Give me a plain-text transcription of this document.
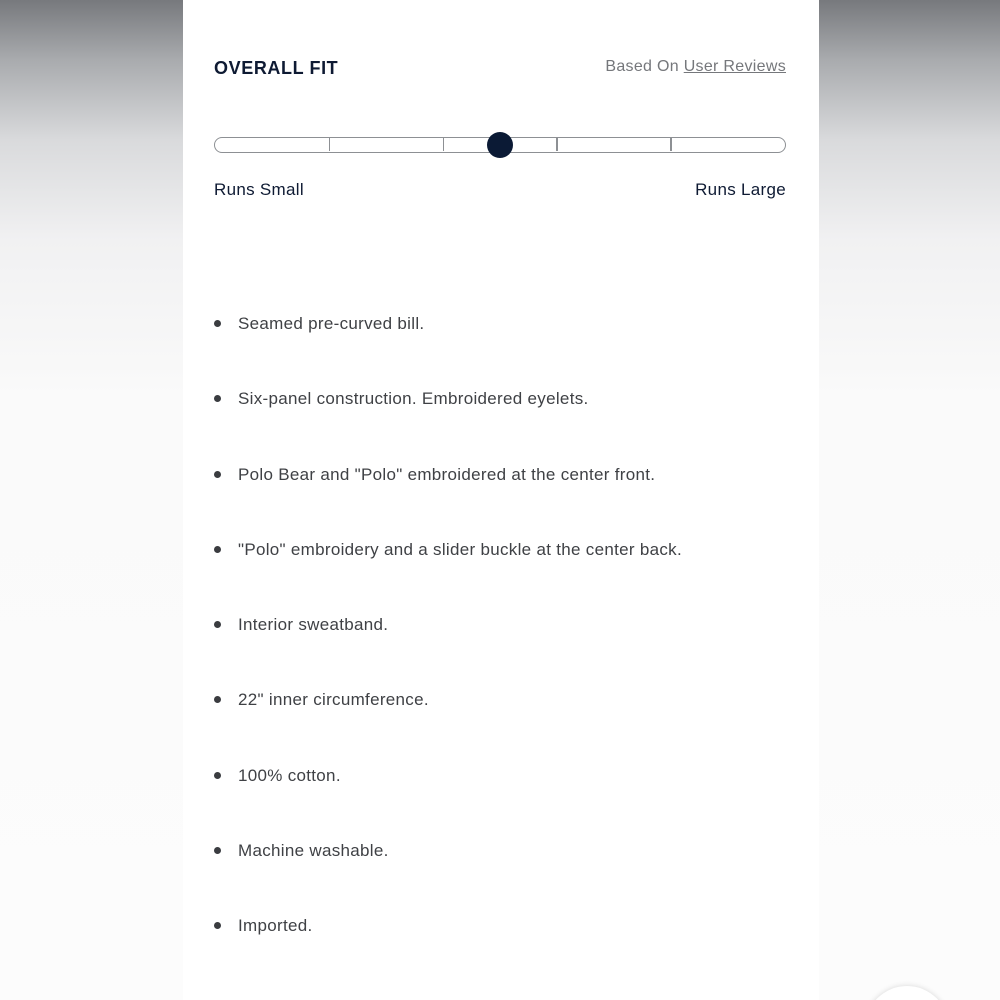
OVERALL FIT	Based On User Reviews
Runs Small	Runs Large
Seamed pre-curved bill.
Six-panel construction. Embroidered eyelets.
Polo Bear and "Polo" embroidered at the center front.
"Polo" embroidery and a slider buckle at the center back.
Interior sweatband.
22" inner circumference.
100% cotton.
Machine washable.
Imported.
